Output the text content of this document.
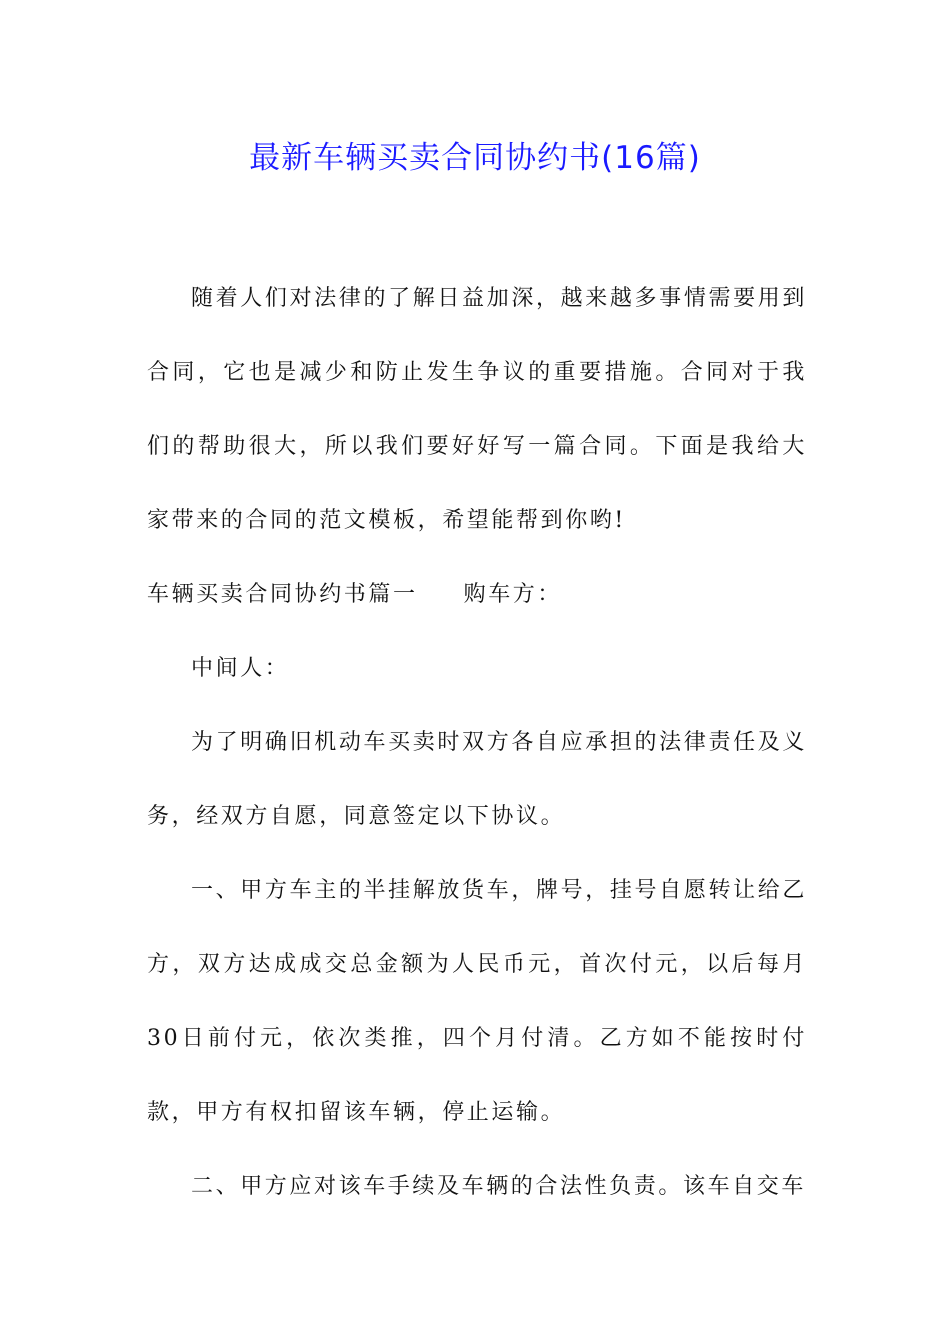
最新车辆买卖合同协约书(16篇)

随着人们对法律的了解日益加深，越来越多事情需要用到合同，它也是减少和防止发生争议的重要措施。合同对于我们的帮助很大，所以我们要好好写一篇合同。下面是我给大家带来的合同的范文模板，希望能帮到你哟!

车辆买卖合同协约书篇一 购车方：

中间人：

为了明确旧机动车买卖时双方各自应承担的法律责任及义务，经双方自愿，同意签定以下协议。

一、甲方车主的半挂解放货车，牌号，挂号自愿转让给乙方，双方达成成交总金额为人民币元，首次付元，以后每月30日前付元，依次类推，四个月付清。乙方如不能按时付款，甲方有权扣留该车辆，停止运输。

二、甲方应对该车手续及车辆的合法性负责。该车自交车
